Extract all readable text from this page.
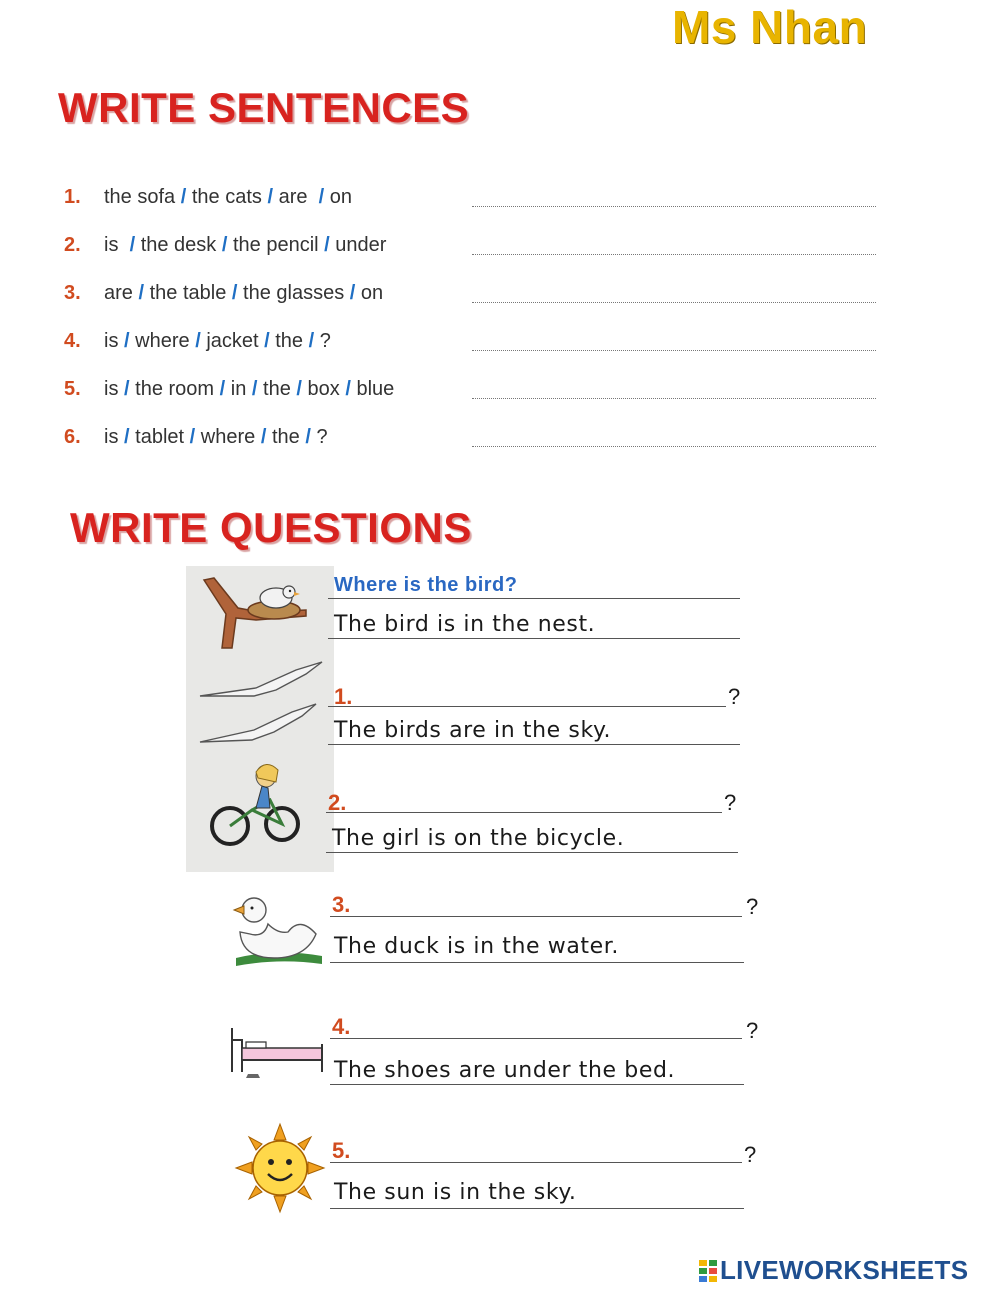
Ms Nhan
WRITE SENTENCES
1. the sofa / the cats / are  / on
2. is  / the desk / the pencil / under
3. are / the table / the glasses / on
4. is / where / jacket / the / ?
5. is / the room / in / the / box / blue
6. is / tablet / where / the / ?
WRITE QUESTIONS
Where is the bird?
The bird is in the nest.
1.	?
The birds are in the sky.
2.	?
The girl is on the bicycle.
3.	?
The duck is in the water.
4.	?
The shoes are under the bed.
5.	?
The sun is in the sky.
LIVEWORKSHEETS
